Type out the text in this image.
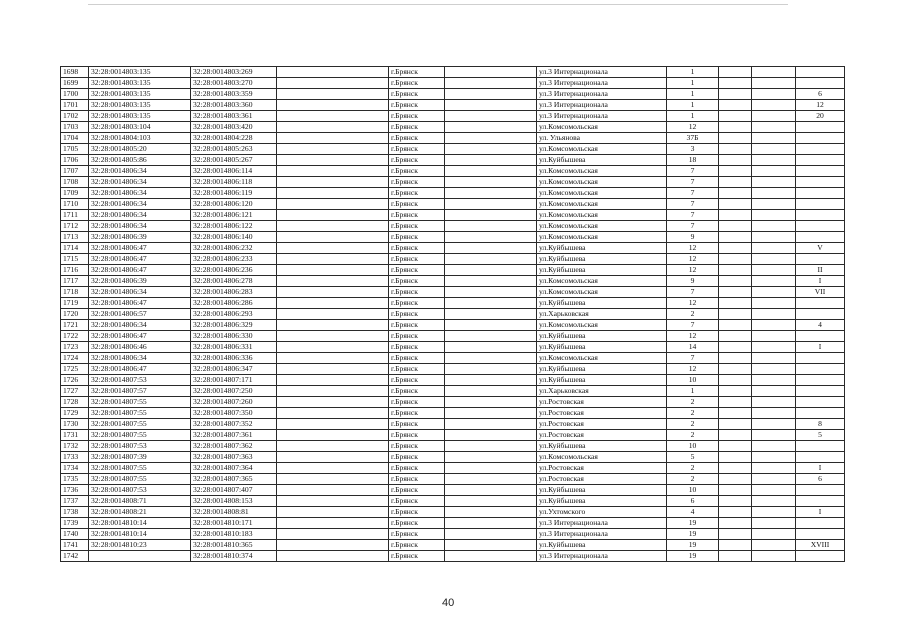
1698	32:28:0014803:135	32:28:0014803:269		г.Брянск		ул.3 Интернационала	1			
1699	32:28:0014803:135	32:28:0014803:270		г.Брянск		ул.3 Интернационала	1			
1700	32:28:0014803:135	32:28:0014803:359		г.Брянск		ул.3 Интернационала	1			6
1701	32:28:0014803:135	32:28:0014803:360		г.Брянск		ул.3 Интернационала	1			12
1702	32:28:0014803:135	32:28:0014803:361		г.Брянск		ул.3 Интернационала	1			20
1703	32:28:0014803:104	32:28:0014803:420		г.Брянск		ул.Комсомольская	12			
1704	32:28:0014804:103	32:28:0014804:228		г.Брянск		ул. Ульянова	37Б			
1705	32:28:0014805:20	32:28:0014805:263		г.Брянск		ул.Комсомольская	3			
1706	32:28:0014805:86	32:28:0014805:267		г.Брянск		ул.Куйбышева	18			
1707	32:28:0014806:34	32:28:0014806:114		г.Брянск		ул.Комсомольская	7			
1708	32:28:0014806:34	32:28:0014806:118		г.Брянск		ул.Комсомольская	7			
1709	32:28:0014806:34	32:28:0014806:119		г.Брянск		ул.Комсомольская	7			
1710	32:28:0014806:34	32:28:0014806:120		г.Брянск		ул.Комсомольская	7			
1711	32:28:0014806:34	32:28:0014806:121		г.Брянск		ул.Комсомольская	7			
1712	32:28:0014806:34	32:28:0014806:122		г.Брянск		ул.Комсомольская	7			
1713	32:28:0014806:39	32:28:0014806:140		г.Брянск		ул.Комсомольская	9			
1714	32:28:0014806:47	32:28:0014806:232		г.Брянск		ул.Куйбышева	12			V
1715	32:28:0014806:47	32:28:0014806:233		г.Брянск		ул.Куйбышева	12			
1716	32:28:0014806:47	32:28:0014806:236		г.Брянск		ул.Куйбышева	12			II
1717	32:28:0014806:39	32:28:0014806:278		г.Брянск		ул.Комсомольская	9			I
1718	32:28:0014806:34	32:28:0014806:283		г.Брянск		ул.Комсомольская	7			VII
1719	32:28:0014806:47	32:28:0014806:286		г.Брянск		ул.Куйбышева	12			
1720	32:28:0014806:57	32:28:0014806:293		г.Брянск		ул.Харьковская	2			
1721	32:28:0014806:34	32:28:0014806:329		г.Брянск		ул.Комсомольская	7			4
1722	32:28:0014806:47	32:28:0014806:330		г.Брянск		ул.Куйбышева	12			
1723	32:28:0014806:46	32:28:0014806:331		г.Брянск		ул.Куйбышева	14			I
1724	32:28:0014806:34	32:28:0014806:336		г.Брянск		ул.Комсомольская	7			
1725	32:28:0014806:47	32:28:0014806:347		г.Брянск		ул.Куйбышева	12			
1726	32:28:0014807:53	32:28:0014807:171		г.Брянск		ул.Куйбышева	10			
1727	32:28:0014807:57	32:28:0014807:250		г.Брянск		ул.Харьковская	1			
1728	32:28:0014807:55	32:28:0014807:260		г.Брянск		ул.Ростовская	2			
1729	32:28:0014807:55	32:28:0014807:350		г.Брянск		ул.Ростовская	2			
1730	32:28:0014807:55	32:28:0014807:352		г.Брянск		ул.Ростовская	2			8
1731	32:28:0014807:55	32:28:0014807:361		г.Брянск		ул.Ростовская	2			5
1732	32:28:0014807:53	32:28:0014807:362		г.Брянск		ул.Куйбышева	10			
1733	32:28:0014807:39	32:28:0014807:363		г.Брянск		ул.Комсомольская	5			
1734	32:28:0014807:55	32:28:0014807:364		г.Брянск		ул.Ростовская	2			I
1735	32:28:0014807:55	32:28:0014807:365		г.Брянск		ул.Ростовская	2			6
1736	32:28:0014807:53	32:28:0014807:407		г.Брянск		ул.Куйбышева	10			
1737	32:28:0014808:71	32:28:0014808:153		г.Брянск		ул.Куйбышева	6			
1738	32:28:0014808:21	32:28:0014808:81		г.Брянск		ул.Ухтомского	4			I
1739	32:28:0014810:14	32:28:0014810:171		г.Брянск		ул.3 Интернационала	19			
1740	32:28:0014810:14	32:28:0014810:183		г.Брянск		ул.3 Интернационала	19			
1741	32:28:0014810:23	32:28:0014810:365		г.Брянск		ул.Куйбышева	19			XVIII
1742		32:28:0014810:374		г.Брянск		ул.3 Интернационала	19			
40
